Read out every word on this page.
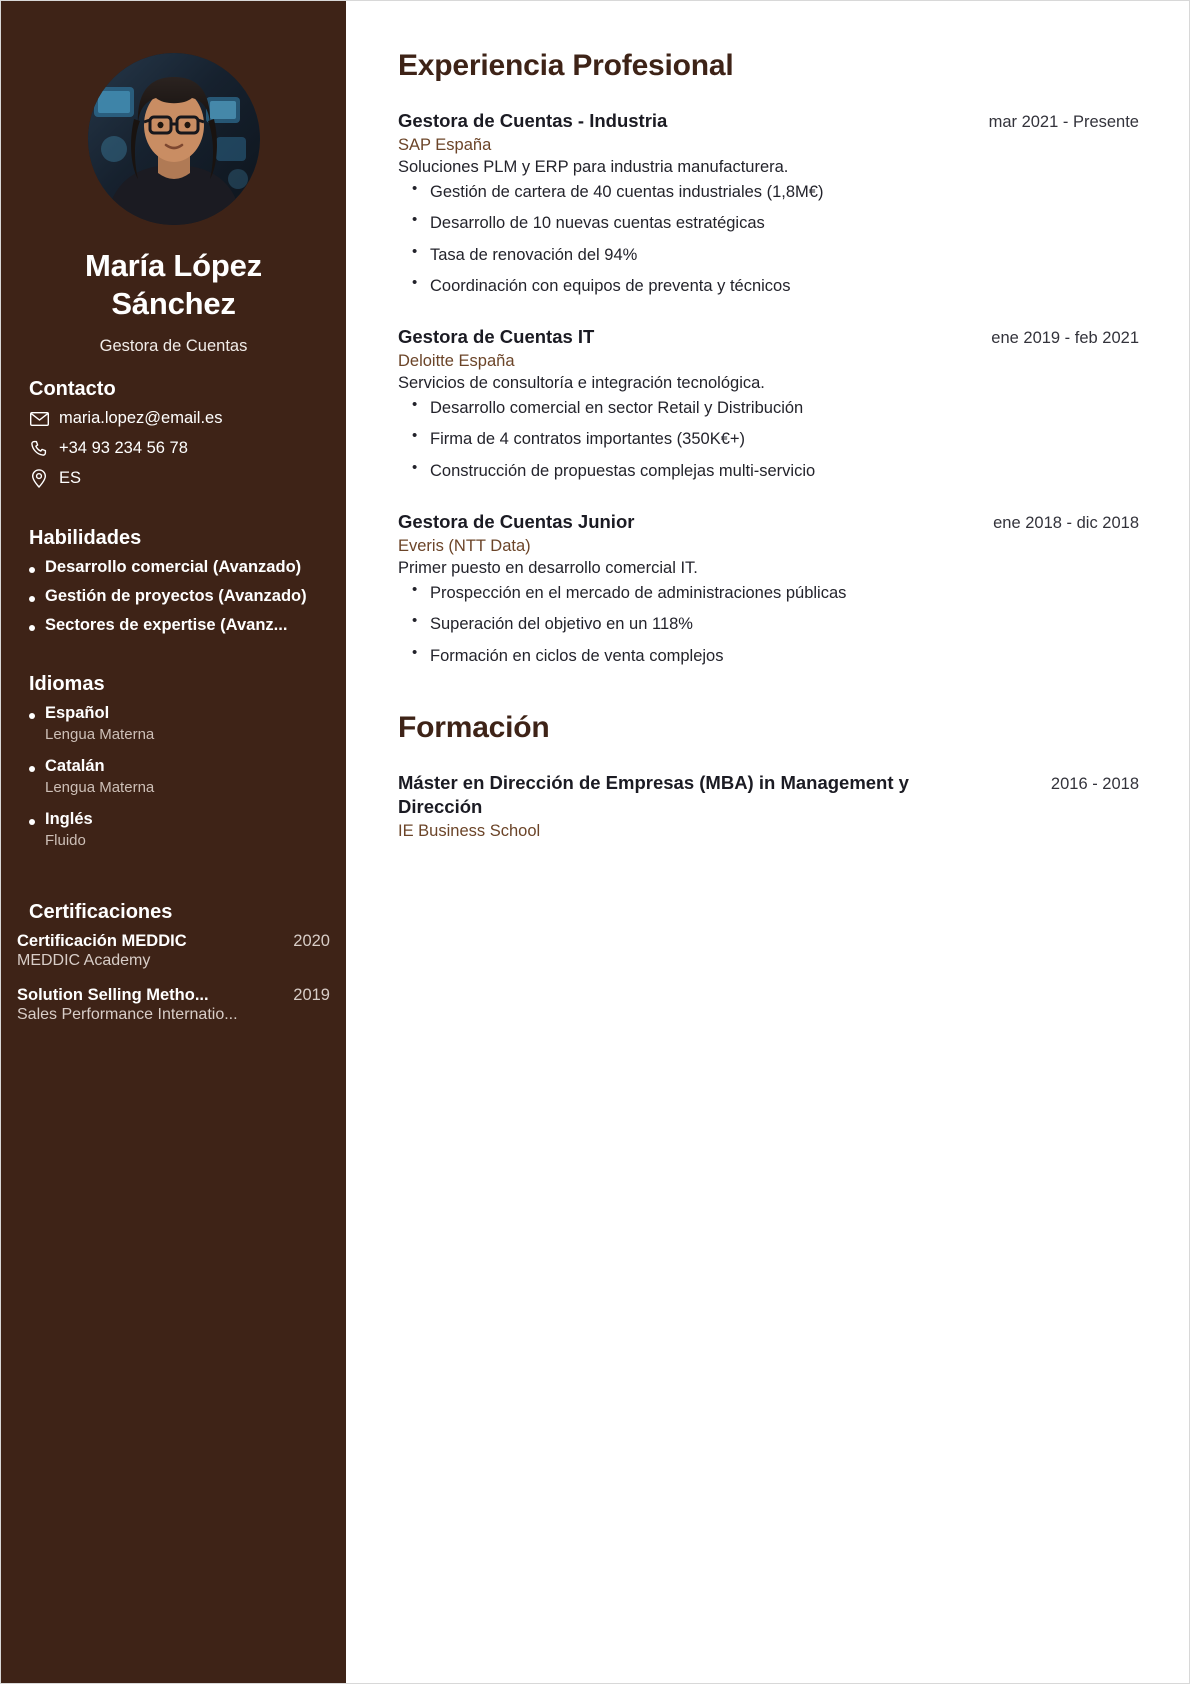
María López
Sánchez
Gestora de Cuentas
Contacto
maria.lopez@email.es
+34 93 234 56 78
ES
Habilidades
Desarrollo comercial (Avanzado)
Gestión de proyectos (Avanzado)
Sectores de expertise (Avanz...
Idiomas
Español
Lengua Materna
Catalán
Lengua Materna
Inglés
Fluido
Certificaciones
Certificación MEDDIC	2020
MEDDIC Academy
Solution Selling Metho...	2019
Sales Performance Internatio...
Experiencia Profesional
Gestora de Cuentas - Industria	mar 2021 - Presente
SAP España
Soluciones PLM y ERP para industria manufacturera.
• Gestión de cartera de 40 cuentas industriales (1,8M€)
• Desarrollo de 10 nuevas cuentas estratégicas
• Tasa de renovación del 94%
• Coordinación con equipos de preventa y técnicos
Gestora de Cuentas IT	ene 2019 - feb 2021
Deloitte España
Servicios de consultoría e integración tecnológica.
• Desarrollo comercial en sector Retail y Distribución
• Firma de 4 contratos importantes (350K€+)
• Construcción de propuestas complejas multi-servicio
Gestora de Cuentas Junior	ene 2018 - dic 2018
Everis (NTT Data)
Primer puesto en desarrollo comercial IT.
• Prospección en el mercado de administraciones públicas
• Superación del objetivo en un 118%
• Formación en ciclos de venta complejos
Formación
Máster en Dirección de Empresas (MBA) in Management y Dirección
2016 - 2018
IE Business School
